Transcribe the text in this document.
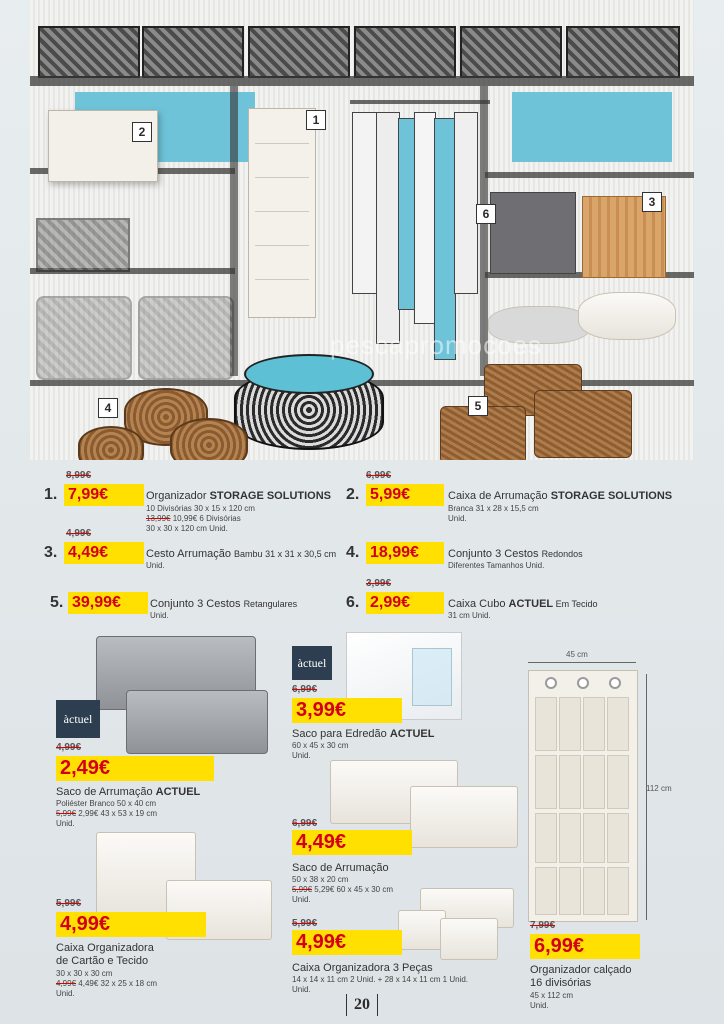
pescapromocoes
1
2
3
4	5
6
8,99€
1. 7,99€	Organizador STORAGE SOLUTIONS
10 Divisórias 30 x 15 x 120 cm
13,99€ 10,99€ 6 Divisórias
30 x 30 x 120 cm Unid.
6,99€
2. 5,99€	Caixa de Arrumação STORAGE SOLUTIONS
Branca 31 x 28 x 15,5 cm
Unid.
4,99€
3. 4,49€	Cesto Arrumação Bambu 31 x 31 x 30,5 cm
Unid.
4. 18,99€	Conjunto 3 Cestos Redondos
Diferentes Tamanhos Unid.
5. 39,99€	Conjunto 3 Cestos Retangulares
Unid.
3,99€
6. 2,99€	Caixa Cubo ACTUEL Em Tecido
31 cm Unid.
àctuel
4,99€
2,49€
Saco de Arrumação ACTUEL
Poliéster Branco 50 x 40 cm
5,99€ 2,99€ 43 x 53 x 19 cm
Unid.
àctuel
6,99€
3,99€
Saco para Edredão ACTUEL
60 x 45 x 30 cm
Unid.
6,99€
4,49€
Saco de Arrumação
50 x 38 x 20 cm
5,99€ 5,29€ 60 x 45 x 30 cm
Unid.
5,99€
4,99€
Caixa Organizadora
de Cartão e Tecido
30 x 30 x 30 cm
4,99€ 4,49€ 32 x 25 x 18 cm
Unid.
5,99€
4,99€
Caixa Organizadora 3 Peças
14 x 14 x 11 cm 2 Unid. + 28 x 14 x 11 cm 1 Unid.
Unid.
45 cm
112 cm
7,99€
6,99€
Organizador calçado
16 divisórias
45 x 112 cm
Unid.
20
